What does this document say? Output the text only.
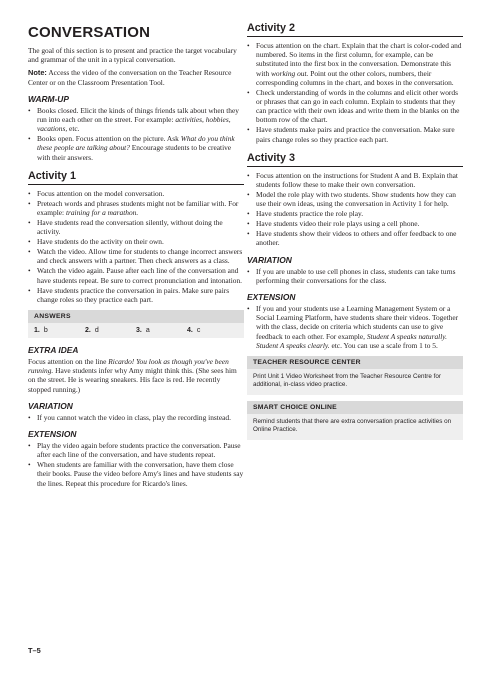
CONVERSATION

The goal of this section is to present and practice the target vocabulary and grammar of the unit in a typical conversation.

Note: Access the video of the conversation on the Teacher Resource Center or on the Classroom Presentation Tool.

WARM-UP
• Books closed. Elicit the kinds of things friends talk about when they run into each other on the street. For example: activities, hobbies, vacations, etc.
• Books open. Focus attention on the picture. Ask What do you think these people are talking about? Encourage students to be creative with their answers.
Activity 1
• Focus attention on the model conversation.
• Preteach words and phrases students might not be familiar with. For example: training for a marathon.
• Have students read the conversation silently, without doing the activity.
• Have students do the activity on their own.
• Watch the video. Allow time for students to change incorrect answers and check answers with a partner. Then check answers as a class.
• Watch the video again. Pause after each line of the conversation and have students repeat. Be sure to correct pronunciation and intonation.
• Have students practice the conversation in pairs. Make sure pairs change roles so they practice each part.
ANSWERS
1. b	2. d	3. a	4. c
EXTRA IDEA

Focus attention on the line Ricardo! You look as though you've been running. Have students infer why Amy might think this. (She sees him on the street. He is wearing sneakers. His face is red. He recently stopped running.)

VARIATION
• If you cannot watch the video in class, play the recording instead.
EXTENSION
• Play the video again before students practice the conversation. Pause after each line of the conversation, and have students repeat.
• When students are familiar with the conversation, have them close their books. Pause the video before Amy's lines and have students say the lines. Repeat this procedure for Ricardo's lines.
Activity 2
• Focus attention on the chart. Explain that the chart is color-coded and numbered. So items in the first column, for example, can be substituted into the first box in the conversation. Demonstrate this with working out. Point out the other colors, numbers, their corresponding columns in the chart, and boxes in the conversation.
• Check understanding of words in the columns and elicit other words or phrases that can go in each column. Explain to students that they can practice with their own ideas and write them in the blanks on the bottom row of the chart.
• Have students make pairs and practice the conversation. Make sure pairs change roles so they practice each part.
Activity 3
• Focus attention on the instructions for Student A and B. Explain that students follow these to make their own conversation.
• Model the role play with two students. Show students how they can use their own ideas, using the conversation in Activity 1 for help.
• Have students practice the role play.
• Have students video their role plays using a cell phone.
• Have students show their videos to others and offer feedback to one another.
VARIATION
• If you are unable to use cell phones in class, students can take turns performing their conversations for the class.
EXTENSION
• If you and your students use a Learning Management System or a Social Learning Platform, have students share their videos. Together with the class, decide on criteria which students can use to give feedback to each other. For example, Student A speaks naturally. Student A speaks clearly. etc. You can use a scale from 1 to 5.
TEACHER RESOURCE CENTER
Print Unit 1 Video Worksheet from the Teacher Resource Centre for additional, in-class video practice.
SMART CHOICE ONLINE
Remind students that there are extra conversation practice activities on Online Practice.
T–5
